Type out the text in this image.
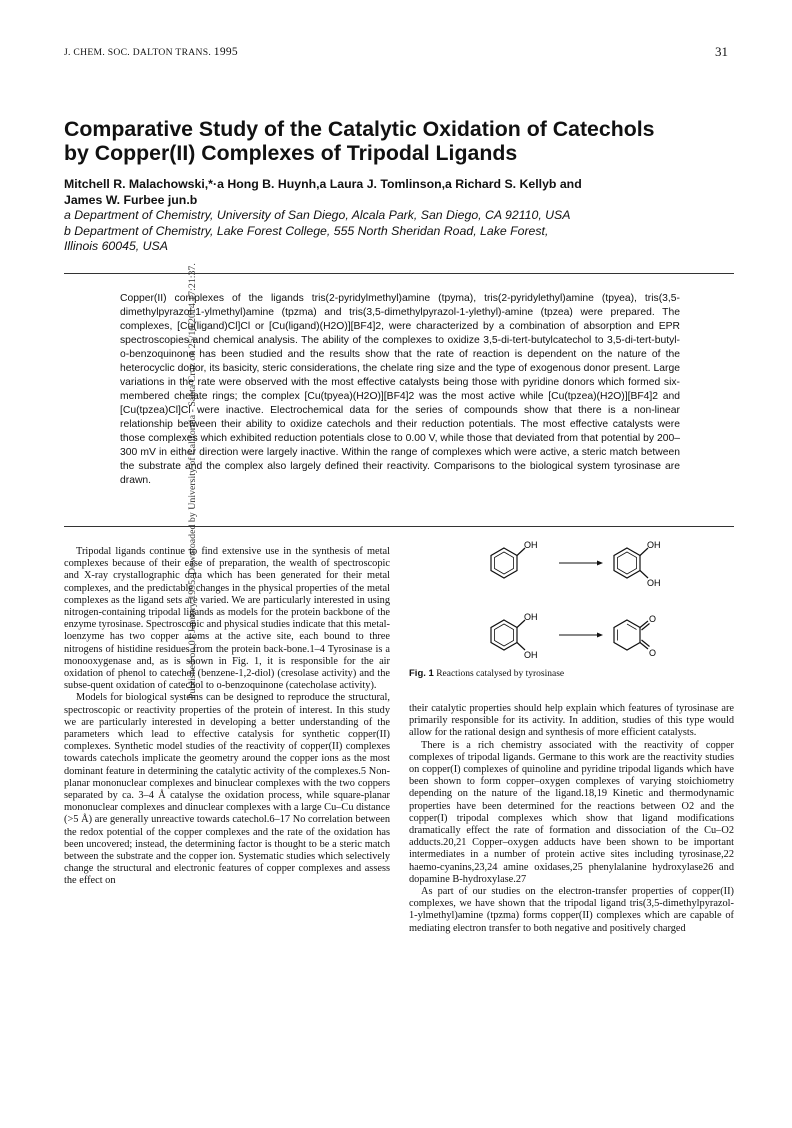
J. CHEM. SOC. DALTON TRANS. 1995	31
Published on 01 January 1995. Downloaded by University of California - Santa Cruz on 25/10/2014 17:21:37.
Comparative Study of the Catalytic Oxidation of Catechols
by Copper(II) Complexes of Tripodal Ligands
Mitchell R. Malachowski,*·a Hong B. Huynh,a Laura J. Tomlinson,a Richard S. Kellyb and
James W. Furbee jun.b

a Department of Chemistry, University of San Diego, Alcala Park, San Diego, CA 92110, USA

b Department of Chemistry, Lake Forest College, 555 North Sheridan Road, Lake Forest,

Illinois 60045, USA

Copper(II) complexes of the ligands tris(2-pyridylmethyl)amine (tpyma), tris(2-pyridylethyl)amine (tpyea), tris(3,5-dimethylpyrazol-1-ylmethyl)amine (tpzma) and tris(3,5-dimethylpyrazol-1-ylethyl)-amine (tpzea) were prepared. The complexes, [Cu(ligand)Cl]Cl or [Cu(ligand)(H2O)][BF4]2, were characterized by a combination of absorption and EPR spectroscopies and chemical analysis. The ability of the complexes to oxidize 3,5-di-tert-butylcatechol to 3,5-di-tert-butyl-o-benzoquinone has been studied and the results show that the rate of reaction is dependent on the nature of the heterocyclic donor, its basicity, steric considerations, the chelate ring size and the type of exogenous donor present. Large variations in the rate were observed with the most effective catalysts being those with pyridine donors which formed six-membered chelate rings; the complex [Cu(tpyea)(H2O)][BF4]2 was the most active while [Cu(tpzea)(H2O)][BF4]2 and [Cu(tpzea)Cl]Cl were inactive. Electrochemical data for the series of compounds show that there is a non-linear relationship between their ability to oxidize catechols and their reduction potentials. The most effective catalysts were those complexes which exhibited reduction potentials close to 0.00 V, while those that deviated from that potential by 200–300 mV in either direction were largely inactive. Within the range of complexes which were active, a steric match between the substrate and the complex also largely defined their reactivity. Comparisons to the biological system tyrosinase are drawn.

Tripodal ligands continue to find extensive use in the synthesis of metal complexes because of their ease of preparation, the wealth of spectroscopic and X-ray crystallographic data which has been generated for their metal complexes, and the predictable changes in the physical properties of the metal complexes as the ligand sets are varied. We are particularly interested in using nitrogen-containing tripodal ligands as models for the protein backbone of the enzyme tyrosinase. Spectroscopic and physical studies indicate that this metal-loenzyme has two copper atoms at the active site, each bound to three nitrogens of histidine residues from the protein back-bone.1–4 Tyrosinase is a monooxygenase and, as is shown in Fig. 1, it is responsible for the air oxidation of phenol to catechol (benzene-1,2-diol) (cresolase activity) and the subse-quent oxidation of catechol to o-benzoquinone (catecholase activity).

Models for biological systems can be designed to reproduce the structural, spectroscopic or reactivity properties of the protein of interest. In this study we are particularly interested in developing a better understanding of the parameters which lead to effective catalysis for synthetic copper(II) complexes. Synthetic model studies of the reactivity of copper(II) complexes towards catechols implicate the geometry around the copper ions as the most dominant feature in determining the catalytic activity of the complexes.5 Non-planar mononuclear complexes and binuclear complexes with the two coppers separated by ca. 3–4 Å catalyse the oxidation process, while square-planar mononuclear complexes and dinuclear complexes with a large Cu–Cu distance (>5 Å) are generally unreactive towards catechol.6–17 No correlation between the redox potential of the copper complexes and the rate of the oxidation has been uncovered; instead, the determining factor is thought to be a steric match between the substrate and the copper ion. Systematic studies which selectively change the structural and electronic features of copper complexes and assess the effect on

OH	OH
OH
OH
OH
O
O
Fig. 1 Reactions catalysed by tyrosinase

their catalytic properties should help explain which features of tyrosinase are primarily responsible for its activity. In addition, studies of this type would allow for the rational design and synthesis of more efficient catalysts.

There is a rich chemistry associated with the reactivity of copper complexes of tripodal ligands. Germane to this work are the reactivity studies on copper(I) complexes of quinoline and pyridine tripodal ligands which have been shown to form copper–oxygen complexes of varying stoichiometry depending on the nature of the ligand.18,19 Kinetic and thermodynamic properties have been determined for the reactions between O2 and the copper(I) tripodal complexes which show that ligand modifications dramatically effect the rate of formation and dissociation of the Cu–O2 adducts.20,21 Copper–oxygen adducts have been shown to be important intermediates in a number of protein active sites including tyrosinase,22 haemo-cyanins,23,24 amine oxidases,25 phenylalanine hydroxylase26 and dopamine B-hydroxylase.27

As part of our studies on the electron-transfer properties of copper(II) complexes, we have shown that the tripodal ligand tris(3,5-dimethylpyrazol-1-ylmethyl)amine (tpzma) forms copper(II) complexes which are capable of mediating electron transfer to both negative and positively charged
